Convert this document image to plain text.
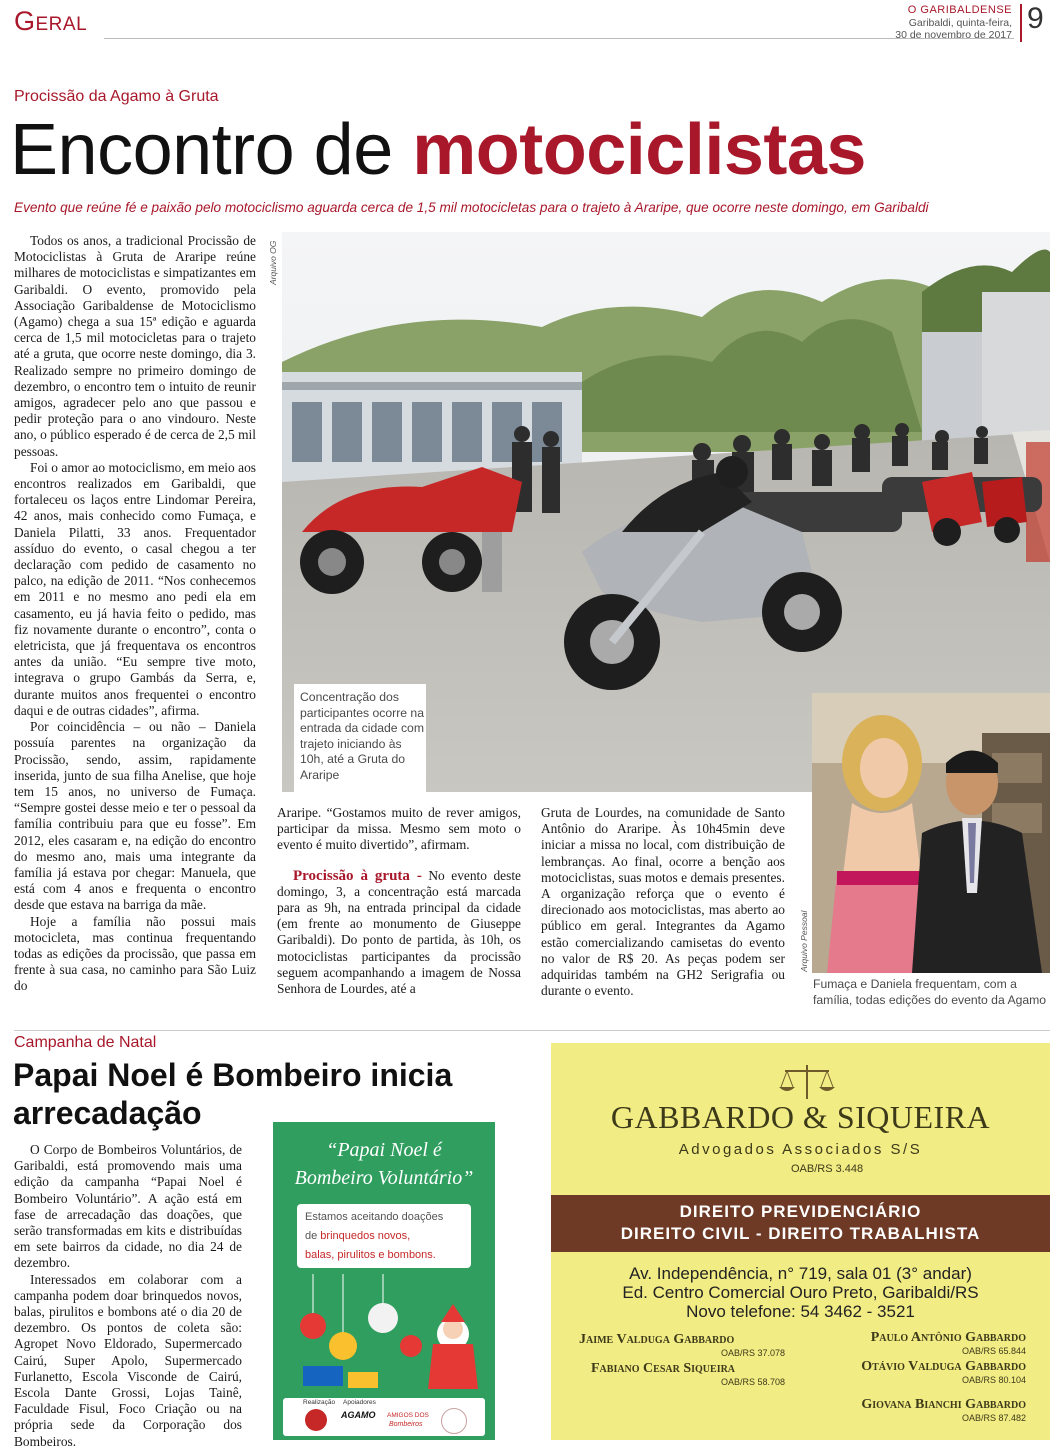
Geral	O GARIBALDENSE
Garibaldi, quinta-feira,
30 de novembro de 2017 9
Procissão da Agamo à Gruta
Encontro de motociclistas
Evento que reúne fé e paixão pelo motociclismo aguarda cerca de 1,5 mil motocicletas para o trajeto à Araripe, que ocorre neste domingo, em Garibaldi

Todos os anos, a tradicional Procissão de Motociclistas à Gruta de Araripe reúne milhares de motociclistas e simpatizantes em Garibaldi. O evento, promovido pela Associação Garibaldense de Motociclismo (Agamo) chega a sua 15ª edição e aguarda cerca de 1,5 mil motocicletas para o trajeto até a gruta, que ocorre neste domingo, dia 3. Realizado sempre no primeiro domingo de dezembro, o encontro tem o intuito de reunir amigos, agradecer pelo ano que passou e pedir proteção para o ano vindouro. Neste ano, o público esperado é de cerca de 2,5 mil pessoas.

Foi o amor ao motociclismo, em meio aos encontros realizados em Garibaldi, que fortaleceu os laços entre Lindomar Pereira, 42 anos, mais conhecido como Fumaça, e Daniela Pilatti, 33 anos. Frequentador assíduo do evento, o casal chegou a ter declaração com pedido de casamento no palco, na edição de 2011. “Nos conhecemos em 2011 e no mesmo ano pedi ela em casamento, eu já havia feito o pedido, mas fiz novamente durante o encontro”, conta o eletricista, que já frequentava os encontros antes da união. “Eu sempre tive moto, integrava o grupo Gambás da Serra, e, durante muitos anos frequentei o encontro daqui e de outras cidades”, afirma.

Por coincidência – ou não – Daniela possuía parentes na organização da Procissão, sendo, assim, rapidamente inserida, junto de sua filha Anelise, que hoje tem 15 anos, no universo de Fumaça. “Sempre gostei desse meio e ter o pessoal da família contribuiu para que eu fosse”. Em 2012, eles casaram e, na edição do encontro do mesmo ano, mais uma integrante da família já estava por chegar: Manuela, que está com 4 anos e frequenta o encontro desde que estava na barriga da mãe.

Hoje a família não possui mais motocicleta, mas continua frequentando todas as edições da procissão, que passa em frente à sua casa, no caminho para São Luiz do

Arquivo OG
Concentração dos participantes ocorre na entrada da cidade com trajeto iniciando às 10h, até a Gruta do Araripe

Araripe. “Gostamos muito de rever amigos, participar da missa. Mesmo sem moto o evento é muito divertido”, afirmam.

Procissão à gruta - No evento deste domingo, 3, a concentração está marcada para as 9h, na entrada principal da cidade (em frente ao monumento de Giuseppe Garibaldi). Do ponto de partida, às 10h, os motociclistas participantes da procissão seguem acompanhando a imagem de Nossa Senhora de Lourdes, até a

Gruta de Lourdes, na comunidade de Santo Antônio do Araripe. Às 10h45min deve iniciar a missa no local, com distribuição de lembranças. Ao final, ocorre a benção aos motociclistas, suas motos e demais presentes. A organização reforça que o evento é direcionado aos motociclistas, mas aberto ao público em geral. Integrantes da Agamo estão comercializando camisetas do evento no valor de R$ 20. As peças podem ser adquiridas também na GH2 Serigrafia ou durante o evento.

Arquivo Pessoal
Fumaça e Daniela frequentam, com a família, todas edições do evento da Agamo
Campanha de Natal
Papai Noel é Bombeiro inicia arrecadação

O Corpo de Bombeiros Voluntários, de Garibaldi, está promovendo mais uma edição da campanha “Papai Noel é Bombeiro Voluntário”. A ação está em fase de arrecadação das doações, que serão transformadas em kits e distribuídas em sete bairros da cidade, no dia 24 de dezembro.

Interessados em colaborar com a campanha podem doar brinquedos novos, balas, pirulitos e bombons até o dia 20 de dezembro. Os pontos de coleta são: Agropet Novo Eldorado, Supermercado Cairú, Super Apolo, Supermercado Furlanetto, Escola Visconde de Cairú, Escola Dante Grossi, Lojas Tainê, Faculdade Fisul, Foco Criação ou na própria sede da Corporação dos Bombeiros.

“Papai Noel é Bombeiro Voluntário”
Estamos aceitando doações
de brinquedos novos,
balas, pirulitos e bombons.
Realização Apoiadores
AGAMO AMIGOS DOS
Bombeiros
GABBARDO & SIQUEIRA
Advogados Associados S/S
OAB/RS 3.448
DIREITO PREVIDENCIÁRIO
DIREITO CIVIL - DIREITO TRABALHISTA
Av. Independência, n° 719, sala 01 (3° andar)
Ed. Centro Comercial Ouro Preto, Garibaldi/RS
Novo telefone: 54 3462 - 3521
Jaime Valduga Gabbardo
OAB/RS 37.078
Paulo Antônio Gabbardo
OAB/RS 65.844
Fabiano Cesar Siqueira
OAB/RS 58.708
Otávio Valduga Gabbardo
OAB/RS 80.104
Giovana Bianchi Gabbardo
OAB/RS 87.482
